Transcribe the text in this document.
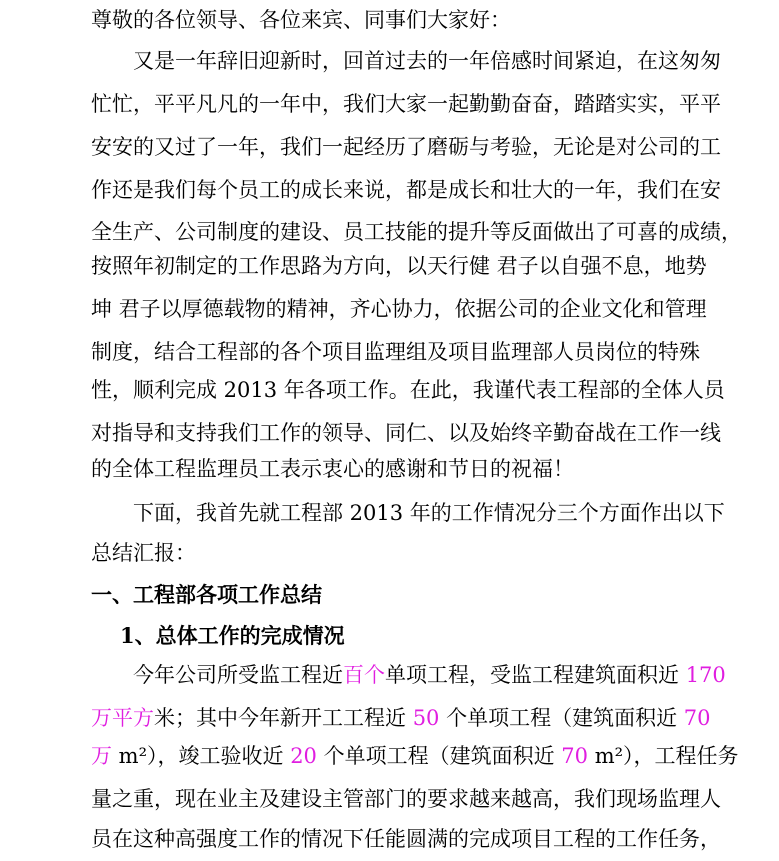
尊敬的各位领导、各位来宾、同事们大家好：
又是一年辞旧迎新时，回首过去的一年倍感时间紧迫，在这匆匆
忙忙，平平凡凡的一年中，我们大家一起勤勤奋奋，踏踏实实，平平
安安的又过了一年，我们一起经历了磨砺与考验，无论是对公司的工
作还是我们每个员工的成长来说，都是成长和壮大的一年，我们在安
全生产、公司制度的建设、员工技能的提升等反面做出了可喜的成绩，
按照年初制定的工作思路为方向，以天行健 君子以自强不息，地势
坤 君子以厚德载物的精神，齐心协力，依据公司的企业文化和管理
制度，结合工程部的各个项目监理组及项目监理部人员岗位的特殊
性，顺利完成 2013 年各项工作。在此，我谨代表工程部的全体人员
对指导和支持我们工作的领导、同仁、以及始终辛勤奋战在工作一线
的全体工程监理员工表示衷心的感谢和节日的祝福！
下面，我首先就工程部 2013 年的工作情况分三个方面作出以下
总结汇报：
一、工程部各项工作总结
1、总体工作的完成情况
今年公司所受监工程近百个单项工程，受监工程建筑面积近 170
万平方米；其中今年新开工工程近 50 个单项工程（建筑面积近 70
万 m²），竣工验收近 20 个单项工程（建筑面积近 70 m²），工程任务
量之重，现在业主及建设主管部门的要求越来越高，我们现场监理人
员在这种高强度工作的情况下任能圆满的完成项目工程的工作任务，
